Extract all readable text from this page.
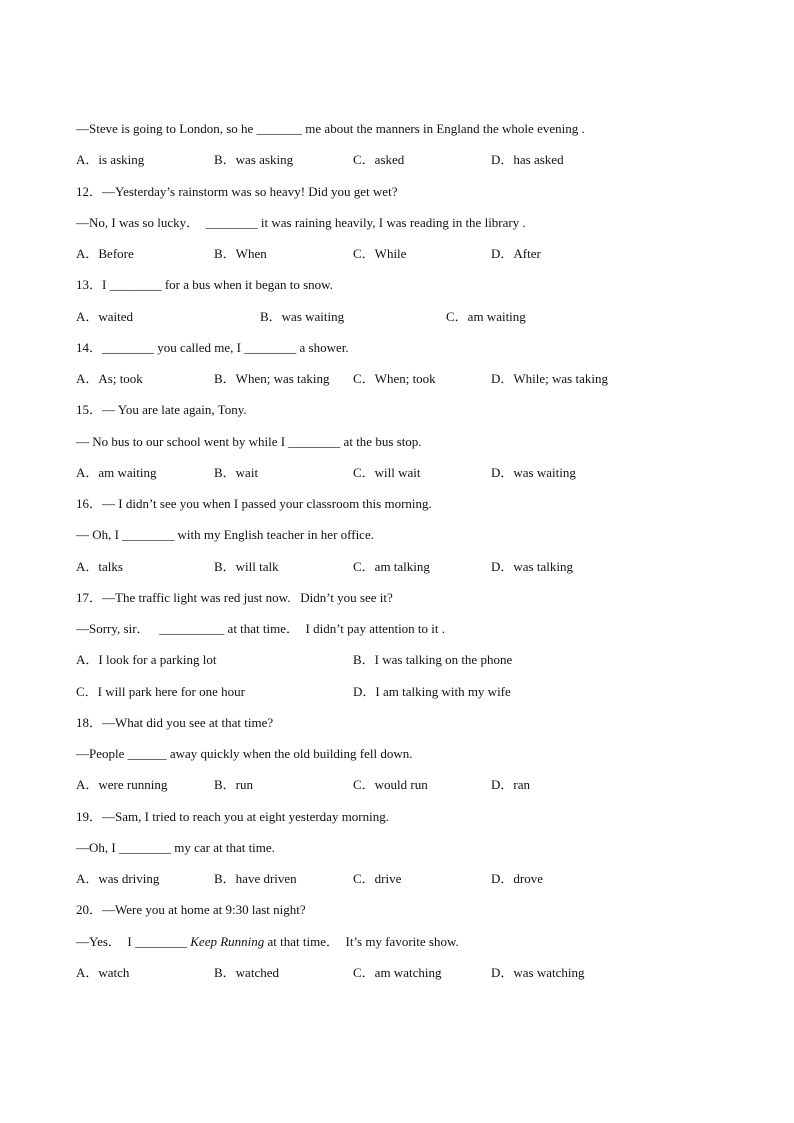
—Steve is going to London, so he _______ me about the manners in England the whole evening .
A．is asking	B．was asking	C．asked	D．has asked
12．—Yesterday’s rainstorm was so heavy! Did you get wet?
—No, I was so lucky．  ________ it was raining heavily, I was reading in the library .
A．Before	B．When	C．While	D．After
13．I ________ for a bus when it began to snow.
A．waited	B．was waiting	C．am waiting
14．________ you called me, I ________ a shower.
A．As; took	B．When; was taking C．When; took	D．While; was taking
15．— You are late again, Tony.
— No bus to our school went by while I ________ at the bus stop.
A．am waiting	B．wait	C．will wait	D．was waiting
16．— I didn’t see you when I passed your classroom this morning.
— Oh, I ________ with my English teacher in her office.
A．talks	B．will talk	C．am talking	D．was talking
17．—The traffic light was red just now.   Didn’t you see it?
—Sorry, sir．   __________ at that time．  I didn’t pay attention to it .
A．I look for a parking lot	B．I was talking on the phone
C．I will park here for one hour	D．I am talking with my wife
18．—What did you see at that time?
—People ______ away quickly when the old building fell down.
A．were running	B．run	C．would run	D．ran
19．—Sam, I tried to reach you at eight yesterday morning.
—Oh, I ________ my car at that time.
A．was driving	B．have driven	C．drive	D．drove
20．—Were you at home at 9:30 last night?
—Yes．  I ________ Keep Running at that time．  It’s my favorite show.
A．watch	B．watched	C．am watching	D．was watching
